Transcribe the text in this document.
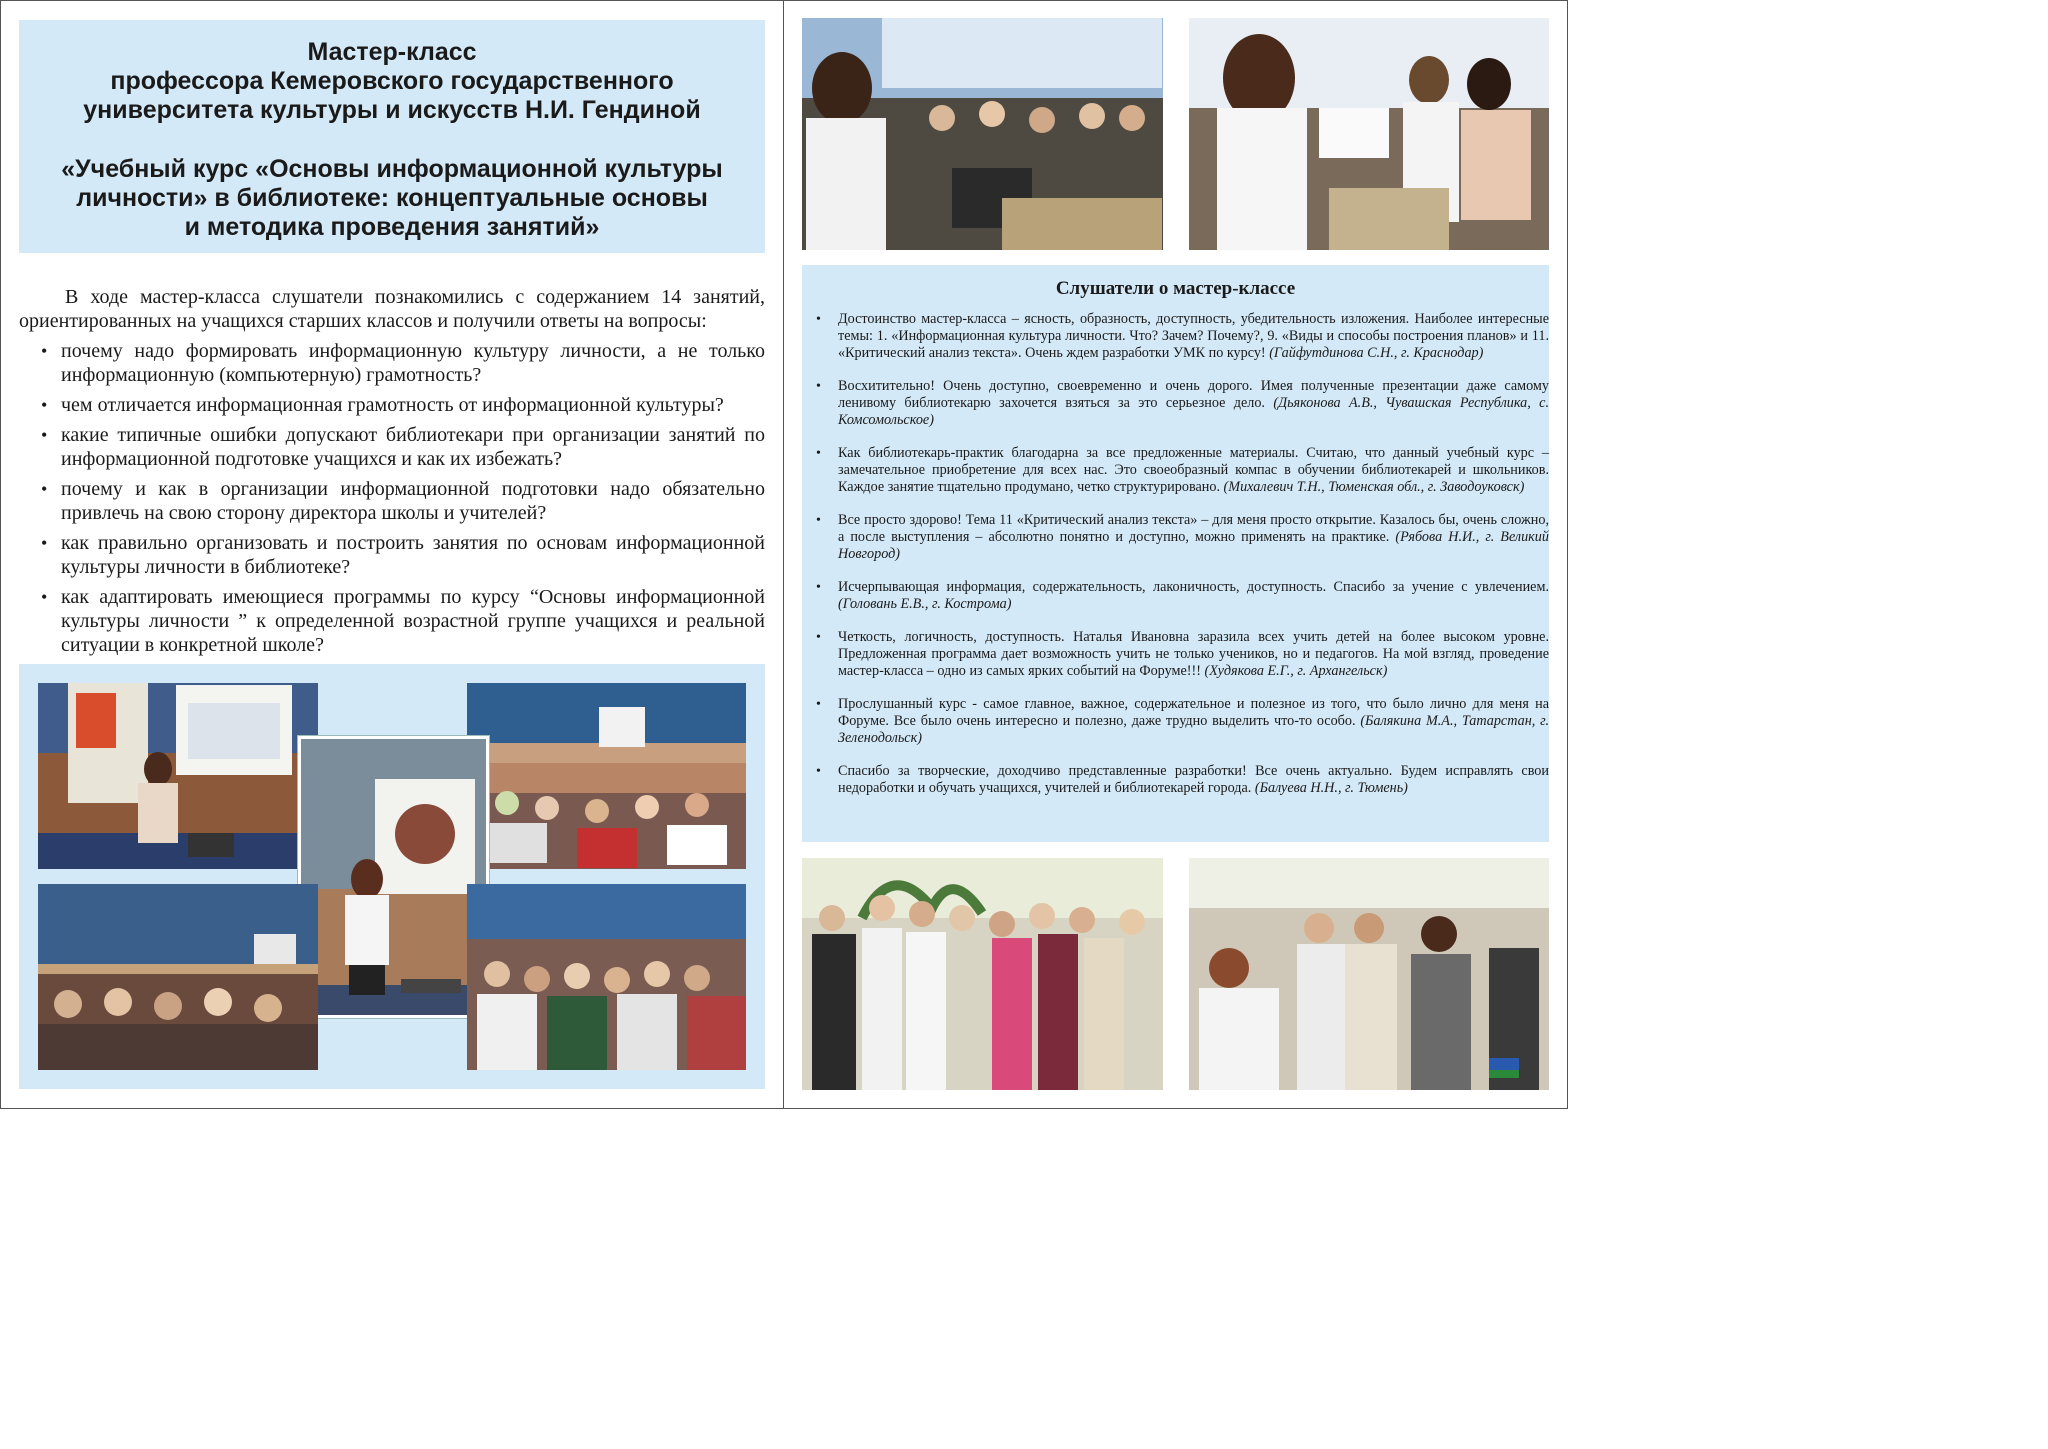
Мастер-класс
профессора Кемеровского государственного
университета культуры и искусств Н.И. Гендиной
«Учебный курс «Основы информационной культуры
личности» в библиотеке: концептуальные основы
и методика проведения занятий»

В ходе мастер-класса слушатели познакомились с содержанием 14 занятий, ориентированных на учащихся старших классов и получили ответы на вопросы:

• почему надо формировать информационную культуру личности, а не только информационную (компьютерную) грамотность?
• чем отличается информационная грамотность от информационной культуры?
• какие типичные ошибки допускают библиотекари при организации занятий по информационной подготовке учащихся и как их избежать?
• почему и как в организации информационной подготовки надо обязательно привлечь на свою сторону директора школы и учителей?
• как правильно организовать и построить занятия по основам информационной культуры личности в библиотеке?
• как адаптировать имеющиеся программы по курсу “Основы информационной культуры личности ” к определенной возрастной группе учащихся и реальной ситуации в конкретной школе?
Слушатели о мастер-классе
• Достоинство мастер-класса – ясность, образность, доступность, убедительность изложения. Наиболее интересные темы: 1. «Информационная культура личности. Что? Зачем? Почему?, 9. «Виды и способы построения планов» и 11. «Критический анализ текста». Очень ждем разработки УМК по курсу! (Гайфутдинова С.Н., г. Краснодар)
• Восхитительно! Очень доступно, своевременно и очень дорого. Имея полученные презентации даже самому ленивому библиотекарю захочется взяться за это серьезное дело. (Дьяконова А.В., Чувашская Республика, с. Комсомольское)
• Как библиотекарь-практик благодарна за все предложенные материалы. Считаю, что данный учебный курс – замечательное приобретение для всех нас. Это своеобразный компас в обучении библиотекарей и школьников. Каждое занятие тщательно продумано, четко структурировано. (Михалевич Т.Н., Тюменская обл., г. Заводоуковск)
• Все просто здорово! Тема 11 «Критический анализ текста» – для меня просто открытие. Казалось бы, очень сложно, а после выступления – абсолютно понятно и доступно, можно применять на практике. (Рябова Н.И., г. Великий Новгород)
• Исчерпывающая информация, содержательность, лаконичность, доступность. Спасибо за учение с увлечением. (Головань Е.В., г. Кострома)
• Четкость, логичность, доступность. Наталья Ивановна заразила всех учить детей на более высоком уровне. Предложенная программа дает возможность учить не только учеников, но и педагогов. На мой взгляд, проведение мастер-класса – одно из самых ярких событий на Форуме!!! (Худякова Е.Г., г. Архангельск)
• Прослушанный курс - самое главное, важное, содержательное и полезное из того, что было лично для меня на Форуме. Все было очень интересно и полезно, даже трудно выделить что-то особо. (Балякина М.А., Татарстан, г. Зеленодольск)
• Спасибо за творческие, доходчиво представленные разработки! Все очень актуально. Будем исправлять свои недоработки и обучать учащихся, учителей и библиотекарей города. (Балуева Н.Н., г. Тюмень)
